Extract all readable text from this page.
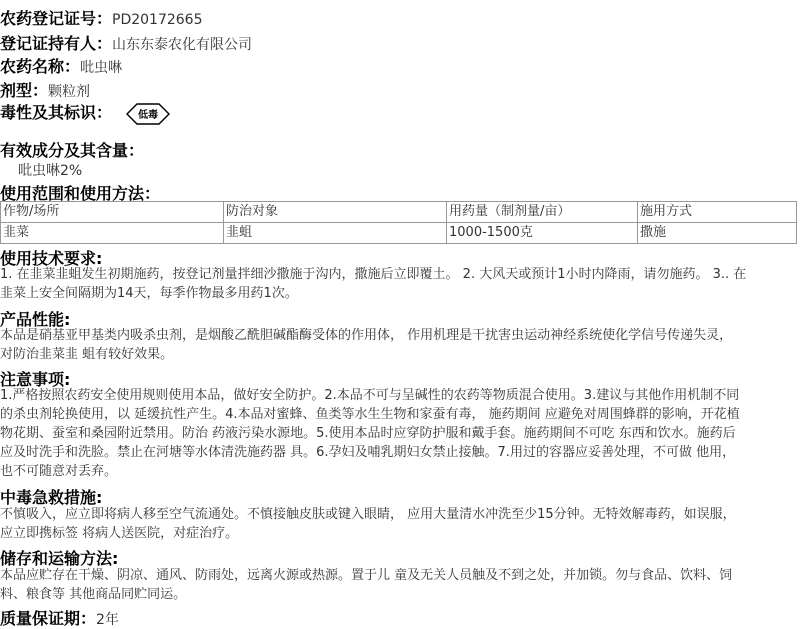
农药登记证号：PD20172665
登记证持有人：山东东泰农化有限公司
农药名称：吡虫啉
剂型：颗粒剂
毒性及其标识：	低毒
有效成分及其含量：
吡虫啉2%
使用范围和使用方法：
作物/场所	防治对象	用药量（制剂量/亩）	施用方式
韭菜	韭蛆	1000-1500克	撒施
使用技术要求:
1. 在韭菜韭蛆发生初期施药，按登记剂量拌细沙撒施于沟内，撒施后立即覆土。 2. 大风天或预计1小时内降雨，请勿施药。 3.. 在
韭菜上安全间隔期为14天，每季作物最多用药1次。
产品性能:
本品是硝基亚甲基类内吸杀虫剂，是烟酸乙酰胆碱酯酶受体的作用体， 作用机理是干扰害虫运动神经系统使化学信号传递失灵，
对防治韭菜韭 蛆有较好效果。
注意事项:
1.严格按照农药安全使用规则使用本品，做好安全防护。2.本品不可与呈碱性的农药等物质混合使用。3.建议与其他作用机制不同
的杀虫剂轮换使用，以 延缓抗性产生。4.本品对蜜蜂、鱼类等水生生物和家蚕有毒， 施药期间 应避免对周围蜂群的影响，开花植
物花期、蚕室和桑园附近禁用。防治 药液污染水源地。5.使用本品时应穿防护服和戴手套。施药期间不可吃 东西和饮水。施药后
应及时洗手和洗脸。禁止在河塘等水体清洗施药器 具。6.孕妇及哺乳期妇女禁止接触。7.用过的容器应妥善处理，不可做 他用，
也不可随意对丢弃。
中毒急救措施:
不慎吸入，应立即将病人移至空气流通处。不慎接触皮肤或键入眼睛， 应用大量清水冲洗至少15分钟。无特效解毒药，如误服，
应立即携标签 将病人送医院，对症治疗。
储存和运输方法:
本品应贮存在干燥、阴凉、通风、防雨处，远离火源或热源。置于儿 童及无关人员触及不到之处，并加锁。勿与食品、饮料、饲
料、粮食等 其他商品同贮同运。
质量保证期：2年
